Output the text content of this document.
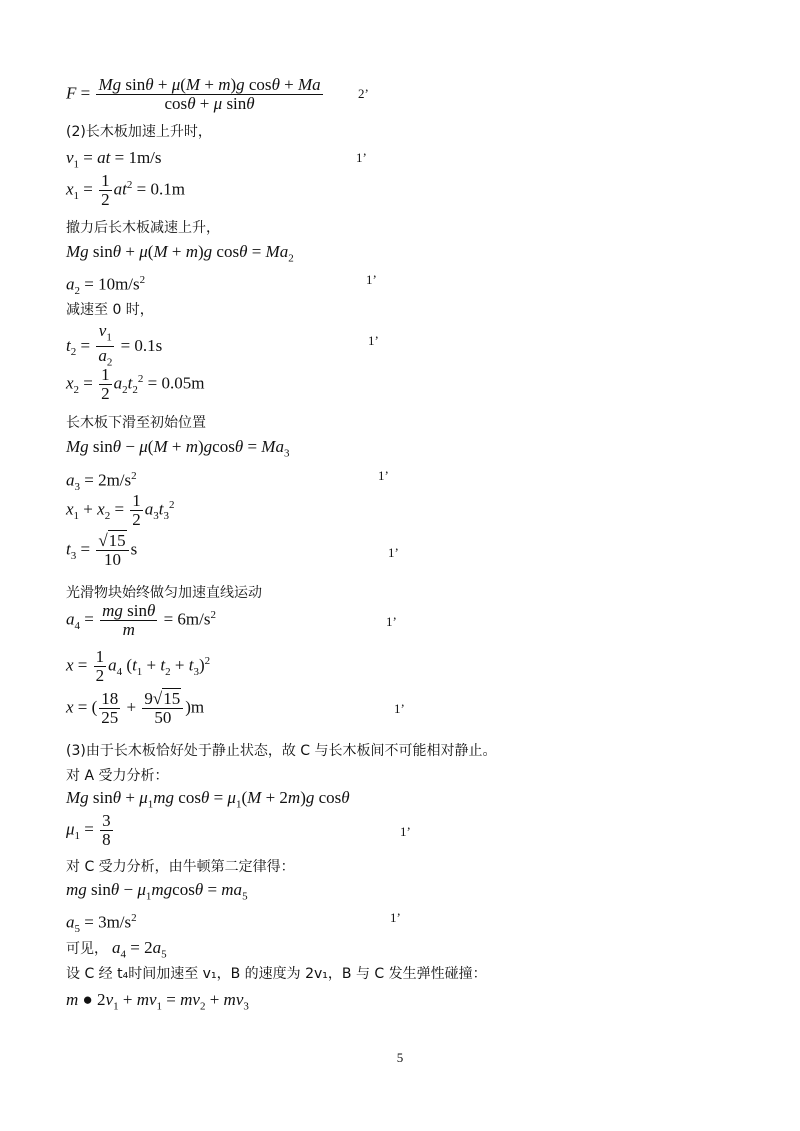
$F = \frac{\text{Mg sinθ + μ(M + m)g cosθ + Ma}}{\text{cosθ + μ sinθ}}$	2’
(2)长木板加速上升时，
$v_1$ = at = 1m/s	1’
$x_1 = \frac{1}{2} at^2 = 0.1m$
撤力后长木板减速上升，
Mg sinθ + μ(M + m)g $\cos\theta = Ma_2$
$a_2 = 10m/s^2$	1’
减速至 0 时，
$t_2 = \frac{v_1}{a_2} = 0.1s$	1’
$x_2 = \frac{1}{2} a_2t_2^2 = 0.05m$
长木板下滑至初始位置
Mg $\sin\theta - \mu(M + m)gcos\theta = Ma_3$
$a_3 = 2m/s^2$	1’
$x_1 + x_2 = \frac{1}{2} a_3t_3^2$
$t_3 = \frac{√15}{10}$ s	1’
光滑物块始终做匀加速直线运动
$a_4 = \frac{\text{mg sinθ}}{m} = 6m/s^2$	1’
$x = \frac{1}{2} a_4$ $(t_1 + t_2 + t_3)^2$
x = ( $\frac{18}{25} + \frac{9√15}{50} )m$	1’
(3)由于长木板恰好处于静止状态，故 C 与长木板间不可能相对静止。
对 A 受力分析：
Mg $\sin\theta + \mu_1mg$ $\cos\theta = \mu_1(M + 2m)g$ cosθ
$\mu_1 = \frac{3}{8}$	1’
对 C 受力分析，由牛顿第二定律得：
mg $\sin\theta - \mu_1mgcos\theta = ma_5$
$a_5 = 3m/s^2$	1’
可见， $a_4 = 2a_5$
设 C 经 t₄时间加速至 v₁，B 的速度为 2v₁，B 与 C 发生弹性碰撞：
m ● $2v_1 + mv_1 = mv_2 + mv_3$
5
